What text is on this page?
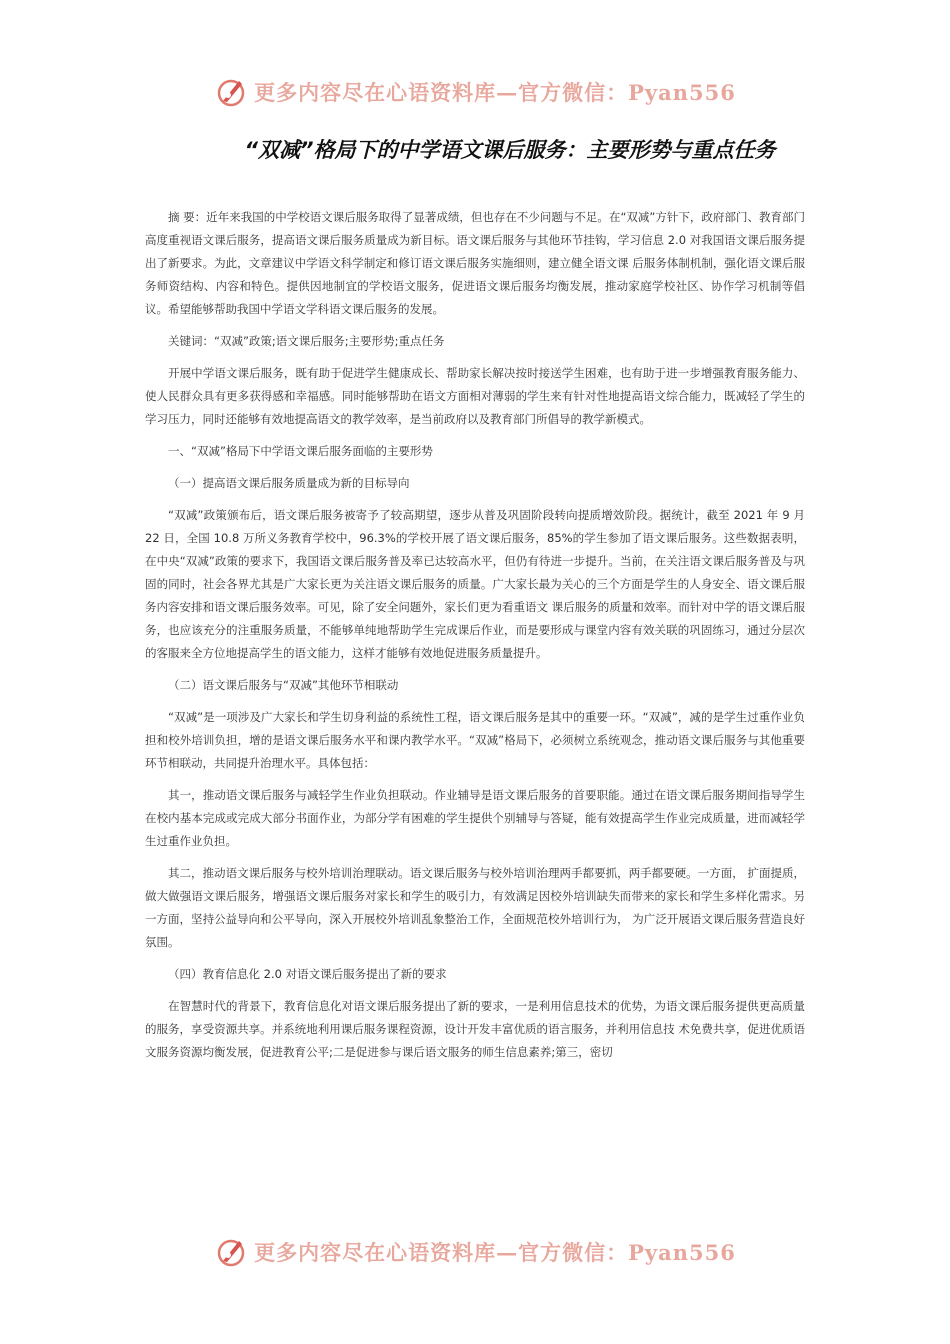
更多内容尽在心语资料库—官方微信：Pyan556
“双减”格局下的中学语文课后服务：主要形势与重点任务

摘 要：近年来我国的中学校语文课后服务取得了显著成绩，但也存在不少问题与不足。在“双减”方针下，政府部门、教育部门高度重视语文课后服务，提高语文课后服务质量成为新目标。语文课后服务与其他环节挂钩，学习信息 2.0 对我国语文课后服务提出了新要求。为此，文章建议中学语文科学制定和修订语文课后服务实施细则，建立健全语文课 后服务体制机制，强化语文课后服务师资结构、内容和特色。提供因地制宜的学校语文服务，促进语文课后服务均衡发展，推动家庭学校社区、协作学习机制等倡议。希望能够帮助我国中学语文学科语文课后服务的发展。

关键词：“双减”政策;语文课后服务;主要形势;重点任务

开展中学语文课后服务，既有助于促进学生健康成长、帮助家长解决按时接送学生困难，也有助于进一步增强教育服务能力、使人民群众具有更多获得感和幸福感。同时能够帮助在语文方面相对薄弱的学生来有针对性地提高语文综合能力，既减轻了学生的学习压力，同时还能够有效地提高语文的教学效率，是当前政府以及教育部门所倡导的教学新模式。

一、“双减”格局下中学语文课后服务面临的主要形势

（一）提高语文课后服务质量成为新的目标导向

“双减”政策颁布后，语文课后服务被寄予了较高期望，逐步从普及巩固阶段转向提质增效阶段。据统计，截至 2021 年 9 月 22 日，全国 10.8 万所义务教育学校中，96.3%的学校开展了语文课后服务，85%的学生参加了语文课后服务。这些数据表明，在中央“双减”政策的要求下，我国语文课后服务普及率已达较高水平，但仍有待进一步提升。当前，在关注语文课后服务普及与巩固的同时，社会各界尤其是广大家长更为关注语文课后服务的质量。广大家长最为关心的三个方面是学生的人身安全、语文课后服务内容安排和语文课后服务效率。可见，除了安全问题外，家长们更为看重语文 课后服务的质量和效率。而针对中学的语文课后服务，也应该充分的注重服务质量，不能够单纯地帮助学生完成课后作业，而是要形成与课堂内容有效关联的巩固练习，通过分层次的客服来全方位地提高学生的语文能力，这样才能够有效地促进服务质量提升。

（二）语文课后服务与“双减”其他环节相联动

“双减”是一项涉及广大家长和学生切身利益的系统性工程，语文课后服务是其中的重要一环。“双减”，减的是学生过重作业负担和校外培训负担，增的是语文课后服务水平和课内教学水平。“双减”格局下，必须树立系统观念，推动语文课后服务与其他重要环节相联动，共同提升治理水平。具体包括：

其一，推动语文课后服务与减轻学生作业负担联动。作业辅导是语文课后服务的首要职能。通过在语文课后服务期间指导学生在校内基本完成或完成大部分书面作业，为部分学有困难的学生提供个别辅导与答疑，能有效提高学生作业完成质量，进而减轻学生过重作业负担。

其二，推动语文课后服务与校外培训治理联动。语文课后服务与校外培训治理两手都要抓，两手都要硬。一方面， 扩面提质，做大做强语文课后服务，增强语文课后服务对家长和学生的吸引力，有效满足因校外培训缺失而带来的家长和学生多样化需求。另一方面，坚持公益导向和公平导向，深入开展校外培训乱象整治工作，全面规范校外培训行为， 为广泛开展语文课后服务营造良好氛围。

（四）教育信息化 2.0 对语文课后服务提出了新的要求

在智慧时代的背景下，教育信息化对语文课后服务提出了新的要求，一是利用信息技术的优势，为语文课后服务提供更高质量的服务，享受资源共享。并系统地利用课后服务课程资源，设计开发丰富优质的语言服务，并利用信息技 术免费共享，促进优质语文服务资源均衡发展，促进教育公平;二是促进参与课后语文服务的师生信息素养;第三，密切

更多内容尽在心语资料库—官方微信：Pyan556
